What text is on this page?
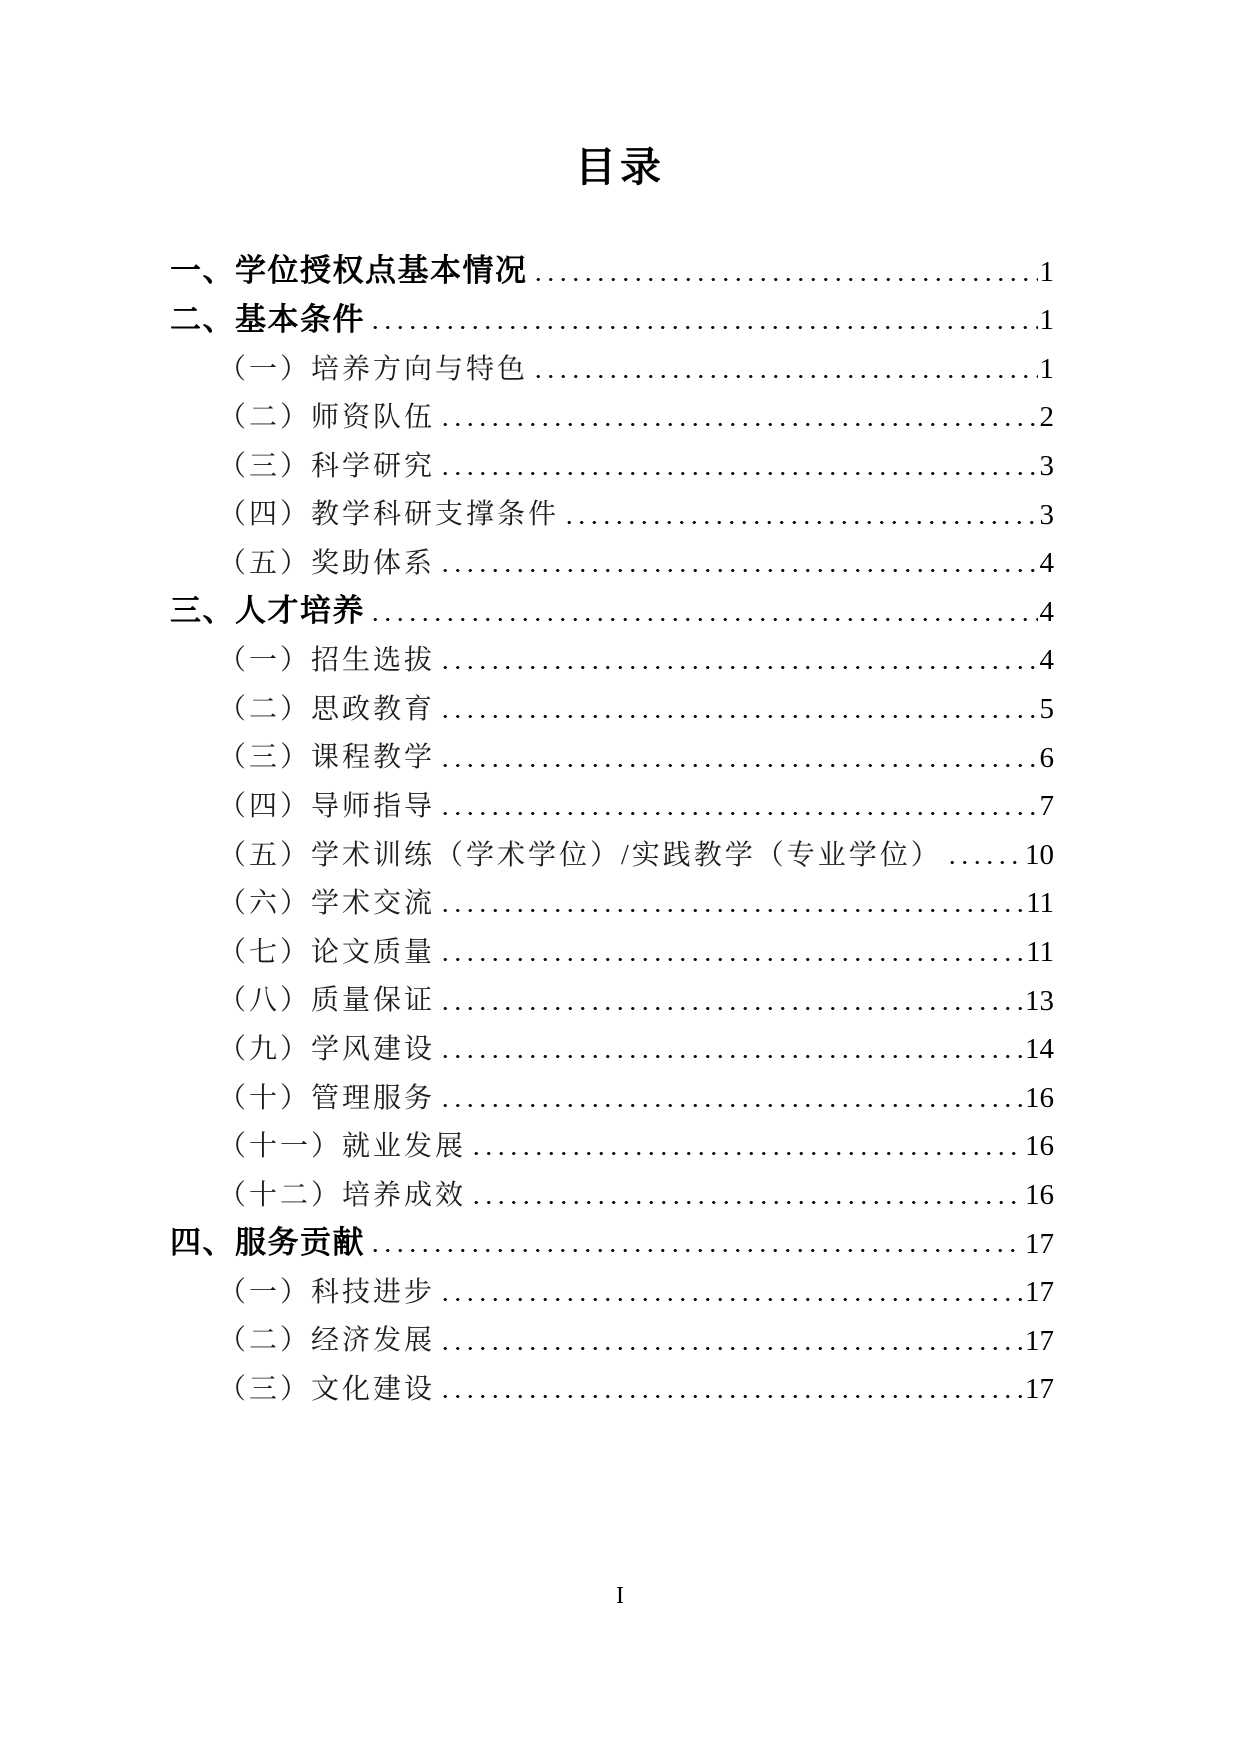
目录
一、学位授权点基本情况	1
二、基本条件	1
（一）培养方向与特色	1
（二）师资队伍	2
（三）科学研究	3
（四）教学科研支撑条件	3
（五）奖助体系	4
三、人才培养	4
（一）招生选拔	4
（二）思政教育	5
（三）课程教学	6
（四）导师指导	7
（五）学术训练（学术学位）/实践教学（专业学位）	10
（六）学术交流	11
（七）论文质量	11
（八）质量保证	13
（九）学风建设	14
（十）管理服务	16
（十一）就业发展	16
（十二）培养成效	16
四、服务贡献	17
（一）科技进步	17
（二）经济发展	17
（三）文化建设	17
I
